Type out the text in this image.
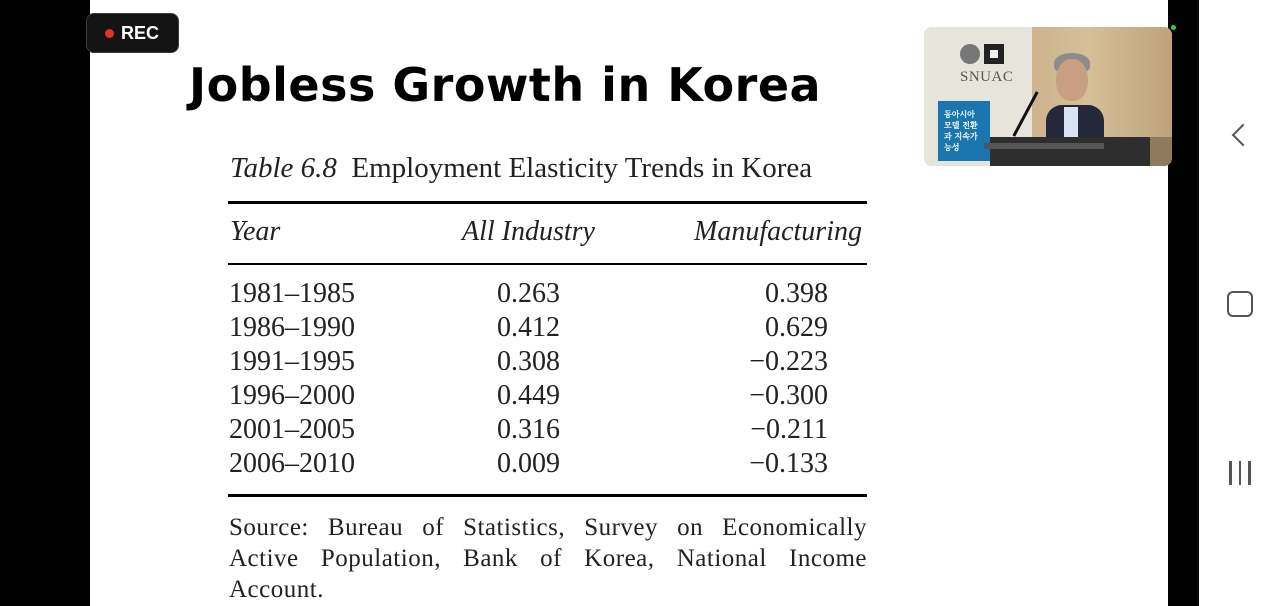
REC
Jobless Growth in Korea
Table 6.8 Employment Elasticity Trends in Korea
Year	All Industry	Manufacturing
1981–1985	0.263	0.398
1986–1990	0.412	0.629
1991–1995	0.308	−0.223
1996–2000	0.449	−0.300
2001–2005	0.316	−0.211
2006–2010	0.009	−0.133
Source: Bureau of Statistics, Survey on Economically Active Population, Bank of Korea, National Income Account.
SNUAC
동아시아 모델 전환과 지속가능성
